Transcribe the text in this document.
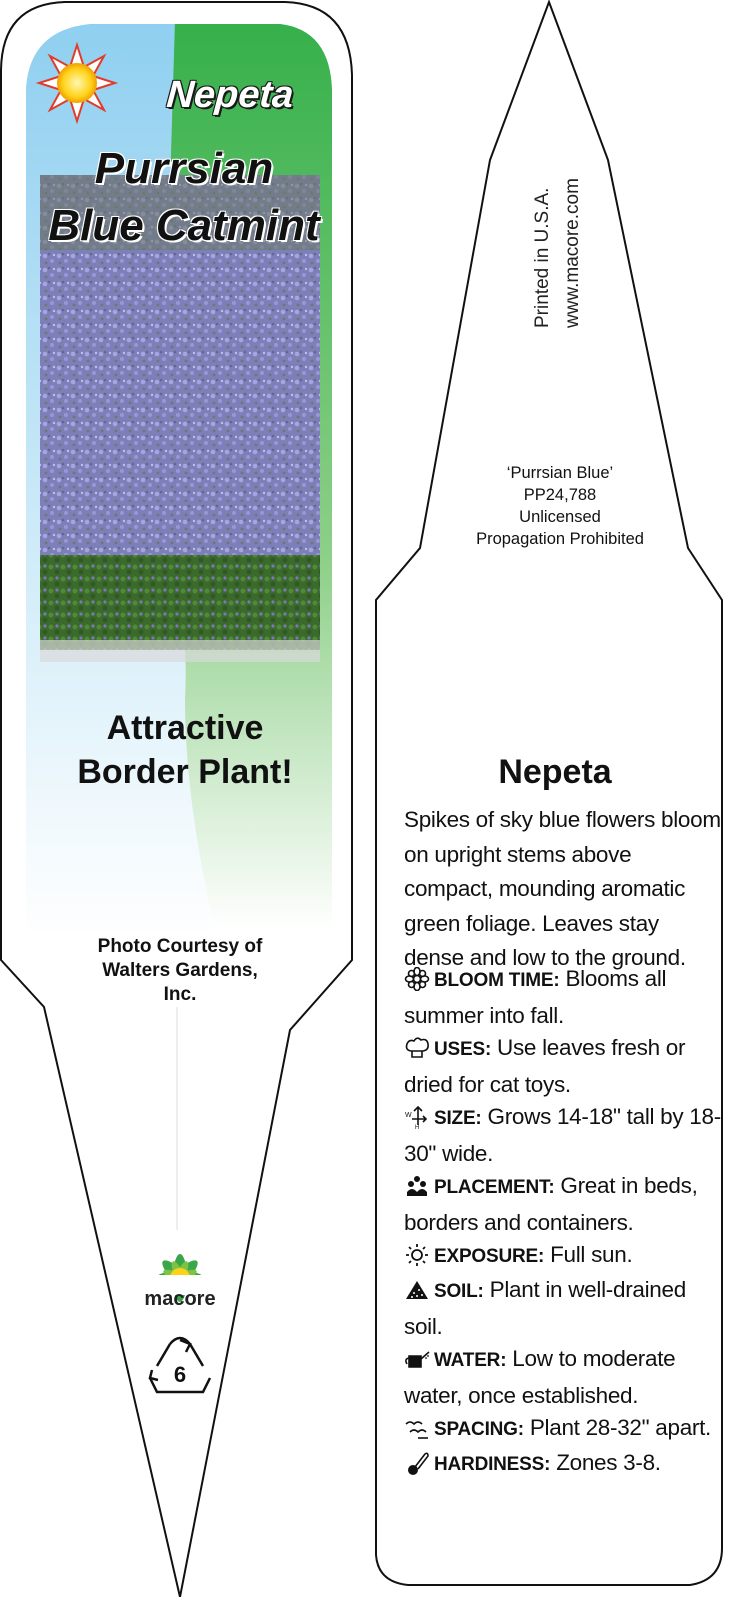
Nepeta
Purrsian
Blue Catmint
Attractive
Border Plant!
Photo Courtesy of
Walters Gardens,
Inc.
macore
6
Printed in U.S.A. www.macore.com
‘Purrsian Blue’
PP24,788
Unlicensed
Propagation Prohibited
Nepeta
Spikes of sky blue flowers bloom on upright stems above compact, mounding aromatic green foliage. Leaves stay dense and low to the ground.
BLOOM TIME: Blooms all summer into fall.
USES: Use leaves fresh or dried for cat toys.
W
H SIZE: Grows 14-18" tall by 18-30" wide.
PLACEMENT: Great in beds, borders and containers.
EXPOSURE: Full sun.
SOIL: Plant in well-drained soil.
WATER: Low to moderate water, once established.
SPACING: Plant 28-32" apart.
HARDINESS: Zones 3-8.
